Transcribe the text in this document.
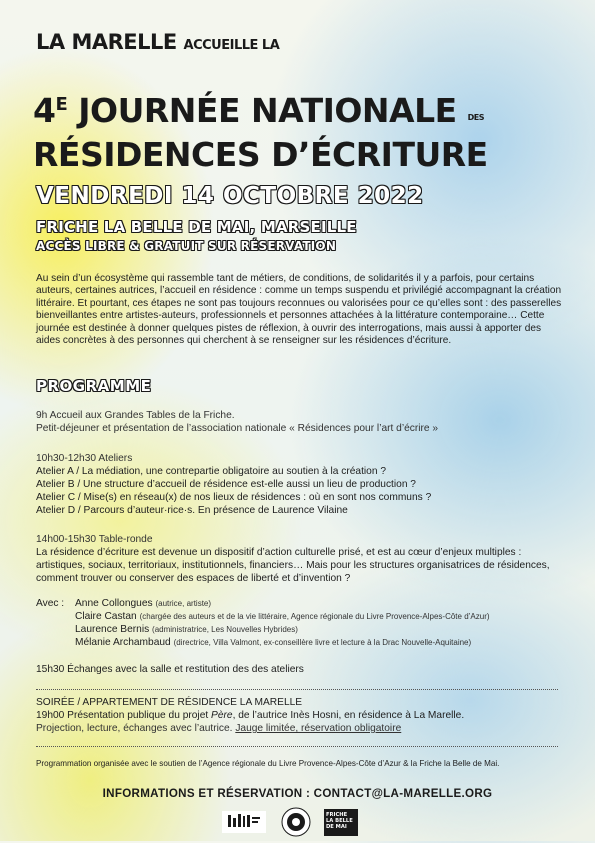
LA MARELLE ACCUEILLE LA
$4^E$ JOURNÉE NATIONALE DES
RÉSIDENCES D’ÉCRITURE
VENDREDI 14 OCTOBRE 2022
FRICHE LA BELLE DE MAI, MARSEILLE
ACCÈS LIBRE & GRATUIT SUR RÉSERVATION
Au sein d’un écosystème qui rassemble tant de métiers, de conditions, de solidarités il y a parfois, pour certains auteurs, certaines autrices, l’accueil en résidence : comme un temps suspendu et privilégié accompagnant la création littéraire. Et pourtant, ces étapes ne sont pas toujours reconnues ou valorisées pour ce qu’elles sont : des passerelles bienveillantes entre artistes-auteurs, professionnels et personnes attachées à la littérature contemporaine… Cette journée est destinée à donner quelques pistes de réflexion, à ouvrir des interrogations, mais aussi à apporter des aides concrètes à des personnes qui cherchent à se renseigner sur les résidences d’écriture.
PROGRAMME
9h Accueil aux Grandes Tables de la Friche.
Petit-déjeuner et présentation de l’association nationale « Résidences pour l’art d’écrire »
10h30-12h30 Ateliers
Atelier A / La médiation, une contrepartie obligatoire au soutien à la création ?
Atelier B / Une structure d’accueil de résidence est-elle aussi un lieu de production ?
Atelier C / Mise(s) en réseau(x) de nos lieux de résidences : où en sont nos communs ?
Atelier D / Parcours d’auteur·rice·s. En présence de Laurence Vilaine
14h00-15h30 Table-ronde
La résidence d’écriture est devenue un dispositif d’action culturelle prisé, et est au cœur d’enjeux multiples : artistiques, sociaux, territoriaux, institutionnels, financiers… Mais pour les structures organisatrices de résidences, comment trouver ou conserver des espaces de liberté et d’invention ?
Avec : Anne Collongues (autrice, artiste)
Claire Castan (chargée des auteurs et de la vie littéraire, Agence régionale du Livre Provence-Alpes-Côte d’Azur)
Laurence Bernis (administratrice, Les Nouvelles Hybrides)
Mélanie Archambaud (directrice, Villa Valmont, ex-conseillère livre et lecture à la Drac Nouvelle-Aquitaine)
15h30 Échanges avec la salle et restitution des des ateliers
SOIRÉE / APPARTEMENT DE RÉSIDENCE LA MARELLE
19h00 Présentation publique du projet Père, de l’autrice Inès Hosni, en résidence à La Marelle.
Projection, lecture, échanges avec l’autrice. Jauge limitée, réservation obligatoire
Programmation organisée avec le soutien de l’Agence régionale du Livre Provence-Alpes-Côte d’Azur & la Friche la Belle de Mai.
INFORMATIONS ET RÉSERVATION : CONTACT@LA-MARELLE.ORG
FRICHE LA BELLE DE MAI
